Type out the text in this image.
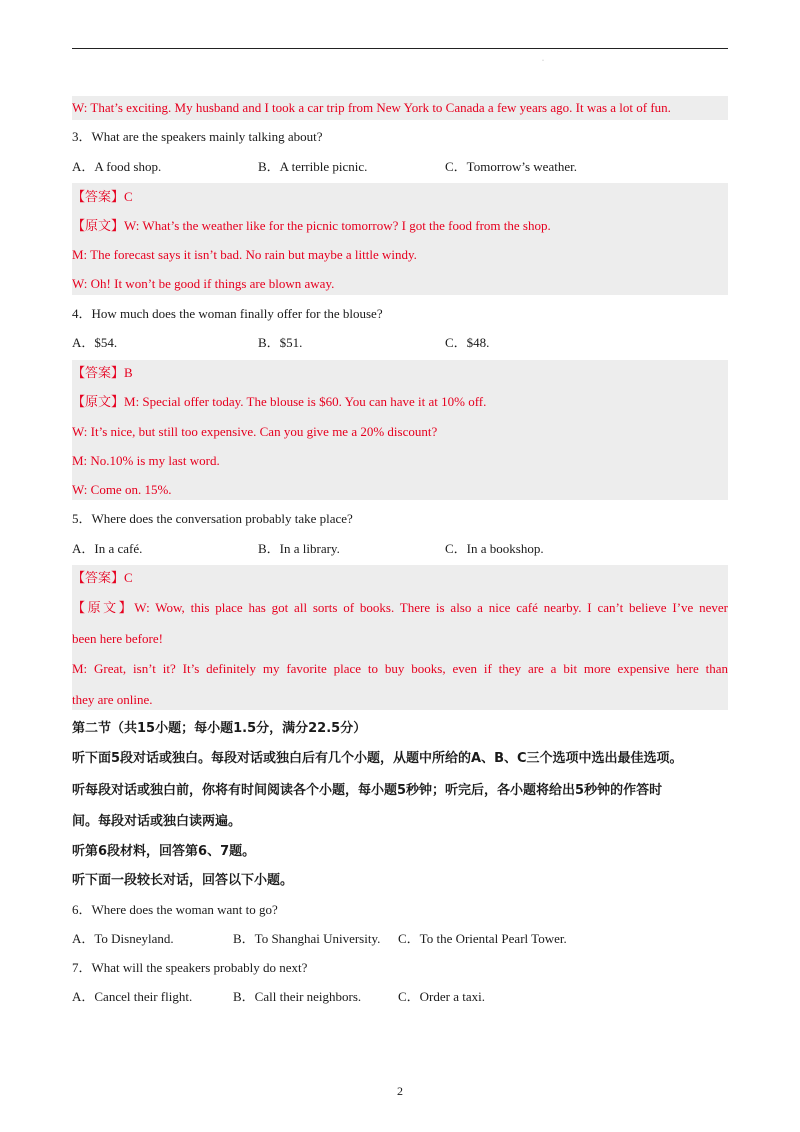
·
W: That’s exciting. My husband and I took a car trip from New York to Canada a few years ago. It was a lot of fun.
3．What are the speakers mainly talking about?
A．A food shop.	B．A terrible picnic.	C．Tomorrow’s weather.
【答案】C
【原文】W: What’s the weather like for the picnic tomorrow? I got the food from the shop.
M: The forecast says it isn’t bad. No rain but maybe a little windy.
W: Oh! It won’t be good if things are blown away.
4．How much does the woman finally offer for the blouse?
A．$54.	B．$51.	C．$48.
【答案】B
【原文】M: Special offer today. The blouse is $60. You can have it at 10% off.
W: It’s nice, but still too expensive. Can you give me a 20% discount?
M: No.10% is my last word.
W: Come on. 15%.
5．Where does the conversation probably take place?
A．In a café.	B．In a library.	C．In a bookshop.
【答案】C
【原文】W: Wow, this place has got all sorts of books. There is also a nice café nearby. I can’t believe I’ve never
been here before!
M: Great, isn’t it? It’s definitely my favorite place to buy books, even if they are a bit more expensive here than
they are online.
第二节（共15小题；每小题1.5分，满分22.5分）
听下面5段对话或独白。每段对话或独白后有几个小题，从题中所给的A、B、C三个选项中选出最佳选项。
听每段对话或独白前，你将有时间阅读各个小题，每小题5秒钟；听完后，各小题将给出5秒钟的作答时
间。每段对话或独白读两遍。
听第6段材料，回答第6、7题。
听下面一段较长对话，回答以下小题。
6．Where does the woman want to go?
A．To Disneyland.	B．To Shanghai University. C．To the Oriental Pearl Tower.
7．What will the speakers probably do next?
A．Cancel their flight.	B．Call their neighbors.	C．Order a taxi.
2
